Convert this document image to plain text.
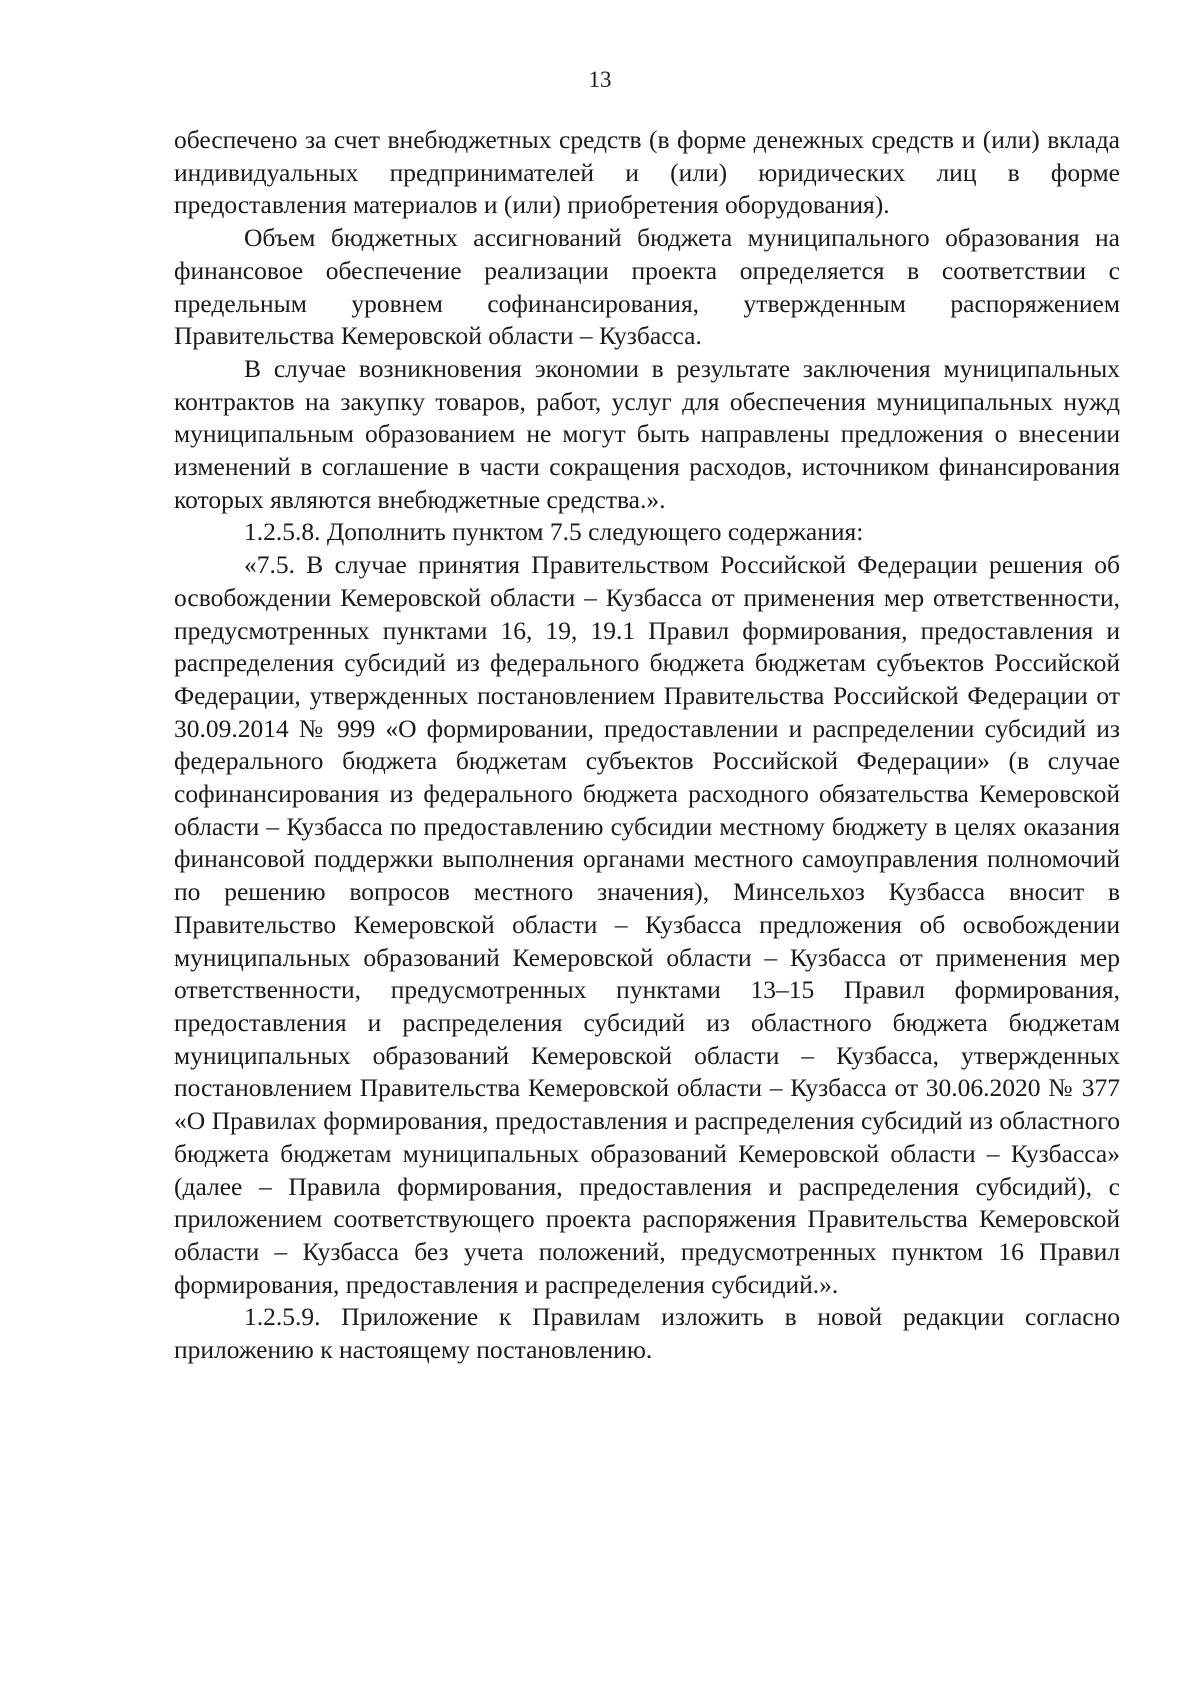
13

обеспечено за счет внебюджетных средств (в форме денежных средств и (или) вклада индивидуальных предпринимателей и (или) юридических лиц в форме предоставления материалов и (или) приобретения оборудования).

Объем бюджетных ассигнований бюджета муниципального образования на финансовое обеспечение реализации проекта определяется в соответствии с предельным уровнем софинансирования, утвержденным распоряжением Правительства Кемеровской области – Кузбасса.

В случае возникновения экономии в результате заключения муниципальных контрактов на закупку товаров, работ, услуг для обеспечения муниципальных нужд муниципальным образованием не могут быть направлены предложения о внесении изменений в соглашение в части сокращения расходов, источником финансирования которых являются внебюджетные средства.».

1.2.5.8. Дополнить пунктом 7.5 следующего содержания:

«7.5. В случае принятия Правительством Российской Федерации решения об освобождении Кемеровской области – Кузбасса от применения мер ответственности, предусмотренных пунктами 16, 19, 19.1 Правил формирования, предоставления и распределения субсидий из федерального бюджета бюджетам субъектов Российской Федерации, утвержденных постановлением Правительства Российской Федерации от 30.09.2014 № 999 «О формировании, предоставлении и распределении субсидий из федерального бюджета бюджетам субъектов Российской Федерации» (в случае софинансирования из федерального бюджета расходного обязательства Кемеровской области – Кузбасса по предоставлению субсидии местному бюджету в целях оказания финансовой поддержки выполнения органами местного самоуправления полномочий по решению вопросов местного значения), Минсельхоз Кузбасса вносит в Правительство Кемеровской области – Кузбасса предложения об освобождении муниципальных образований Кемеровской области – Кузбасса от применения мер ответственности, предусмотренных пунктами 13–15 Правил формирования, предоставления и распределения субсидий из областного бюджета бюджетам муниципальных образований Кемеровской области – Кузбасса, утвержденных постановлением Правительства Кемеровской области – Кузбасса от 30.06.2020 № 377 «О Правилах формирования, предоставления и распределения субсидий из областного бюджета бюджетам муниципальных образований Кемеровской области – Кузбасса» (далее – Правила формирования, предоставления и распределения субсидий), с приложением соответствующего проекта распоряжения Правительства Кемеровской области – Кузбасса без учета положений, предусмотренных пунктом 16 Правил формирования, предоставления и распределения субсидий.».

1.2.5.9. Приложение к Правилам изложить в новой редакции согласно приложению к настоящему постановлению.
